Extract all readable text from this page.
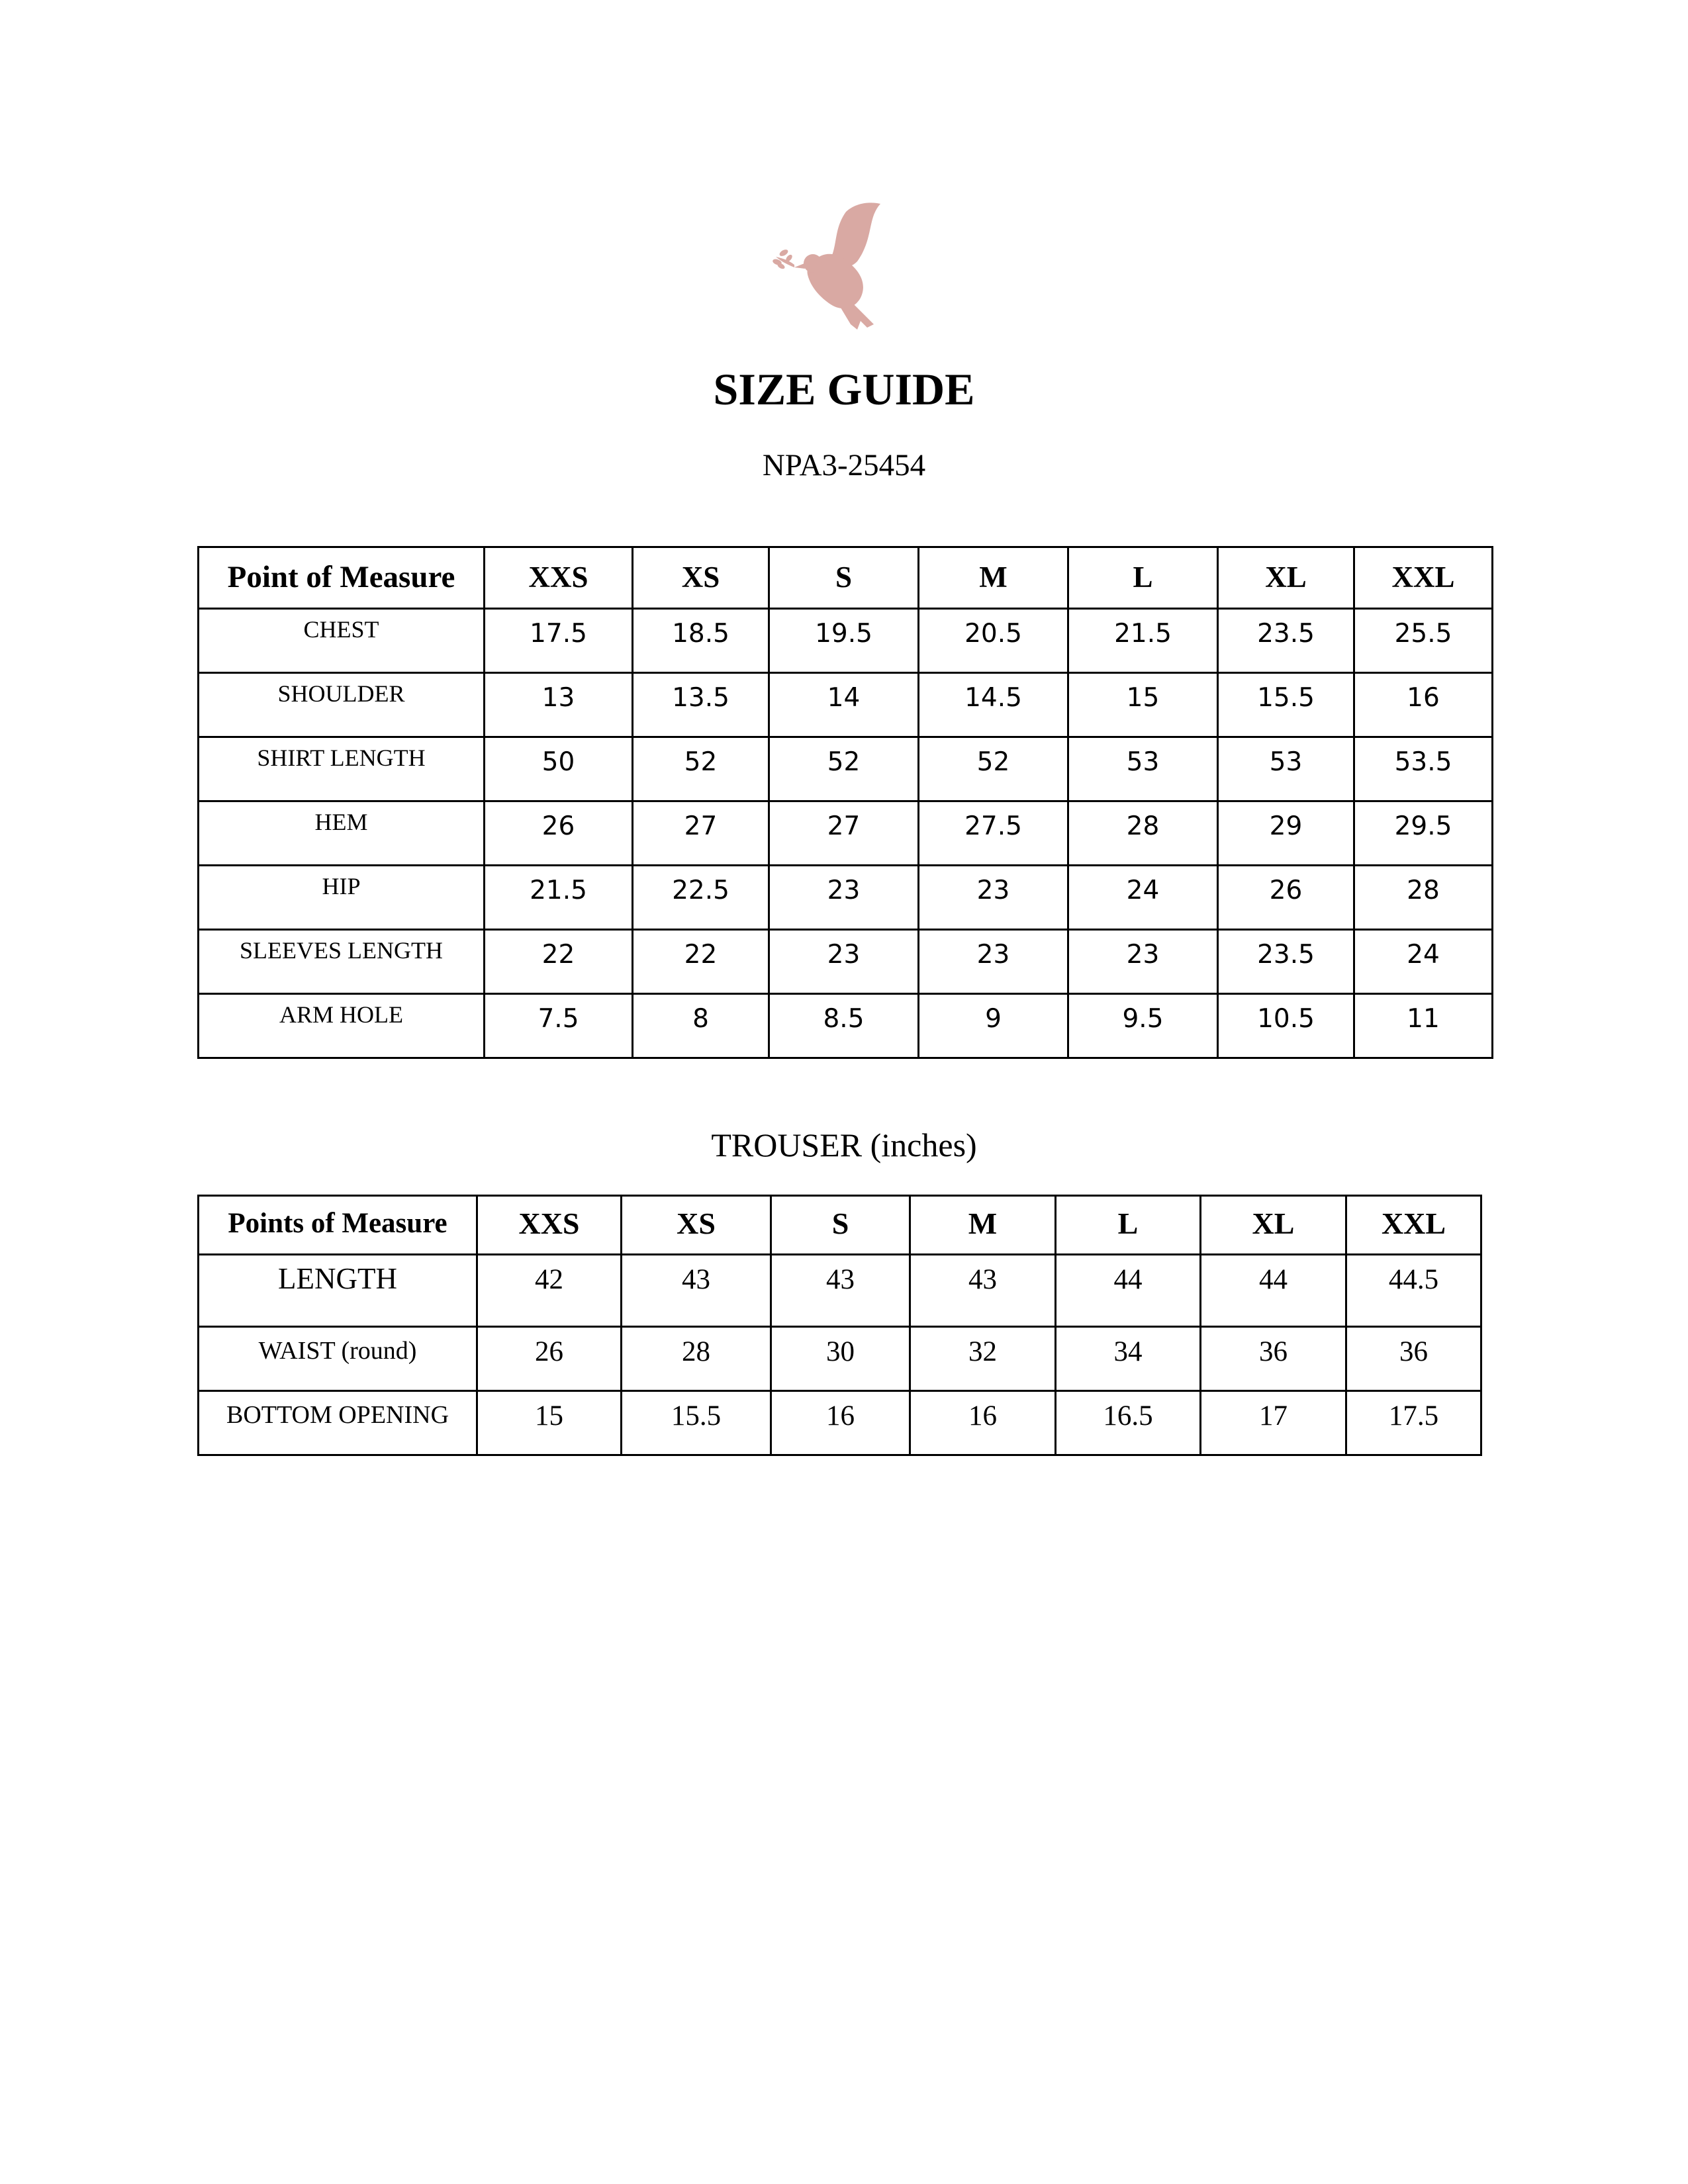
SIZE GUIDE
NPA3-25454
Point of Measure	XXS	XS	S	M	L	XL	XXL
CHEST	17.5	18.5	19.5	20.5	21.5	23.5	25.5
SHOULDER	13	13.5	14	14.5	15	15.5	16
SHIRT LENGTH	50	52	52	52	53	53	53.5
HEM	26	27	27	27.5	28	29	29.5
HIP	21.5	22.5	23	23	24	26	28
SLEEVES LENGTH	22	22	23	23	23	23.5	24
ARM HOLE	7.5	8	8.5	9	9.5	10.5	11
TROUSER (inches)
Points of Measure	XXS	XS	S	M	L	XL	XXL
LENGTH	42	43	43	43	44	44	44.5
WAIST (round)	26	28	30	32	34	36	36
BOTTOM OPENING	15	15.5	16	16	16.5	17	17.5
